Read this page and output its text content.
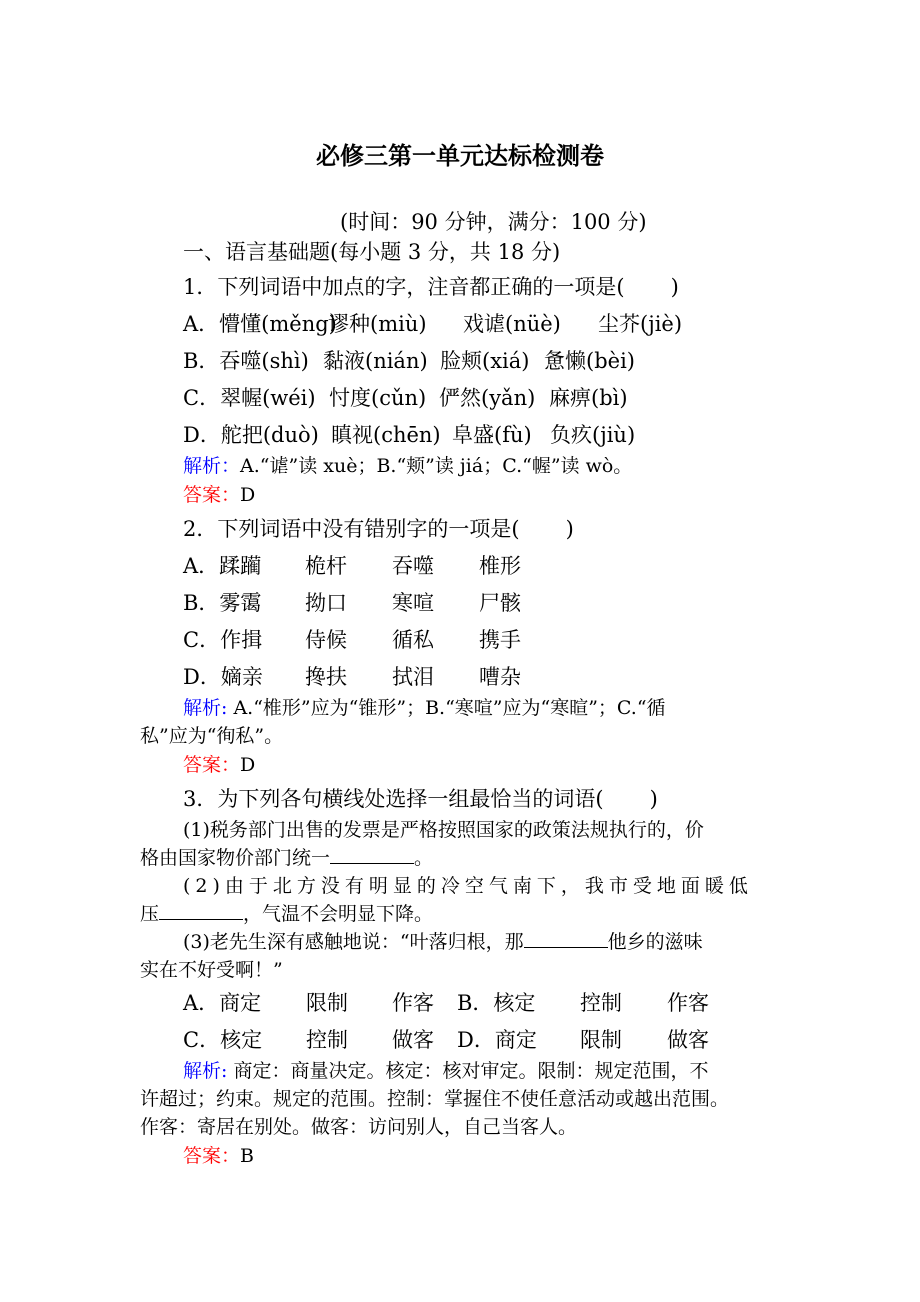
必修三第一单元达标检测卷
(时间：90 分钟，满分：100 分)
一、语言基础题(每小题 3 分，共 18 分)
1．下列词语中加点的字，注音都正确的一项是( )
A．懵懂(měng)谬种(miù) 戏谑(nüè) 尘芥(jiè)
B．吞噬(shì) 黏液(nián) 脸颊(xiá) 惫懒(bèi)
C．翠幄(wéi) 忖度(cǔn) 俨然(yǎn) 麻痹(bì)
D．舵把(duò) 瞋视(chēn) 阜盛(fù) 负疚(jiù)
解析：A.“谑”读 xuè；B.“颊”读 jiá；C.“幄”读 wò。
答案：D
2．下列词语中没有错别字的一项是( )
A．蹂躏 桅杆 吞噬 椎形
B．雾霭 拗口 寒喧 尸骸
C．作揖 侍候 循私 携手
D．嫡亲 搀扶 拭泪 嘈杂
解析: A.“椎形”应为“锥形”；B.“寒喧”应为“寒暄”；C.“循
私”应为“徇私”。
答案：D
3．为下列各句横线处选择一组最恰当的词语( )
(1)税务部门出售的发票是严格按照国家的政策法规执行的，价
格由国家物价部门统一	。
(2)由于北方没有明显的冷空气南下，我市受地面暖低
压	，气温不会明显下降。
(3)老先生深有感触地说：“叶落归根，那	他乡的滋味
实在不好受啊！”
A．商定 限制 作客 B．核定 控制 作客
C．核定 控制 做客 D．商定 限制 做客
解析: 商定：商量决定。核定：核对审定。限制：规定范围，不
许超过；约束。规定的范围。控制：掌握住不使任意活动或越出范围。
作客：寄居在别处。做客：访问别人，自己当客人。
答案：B
